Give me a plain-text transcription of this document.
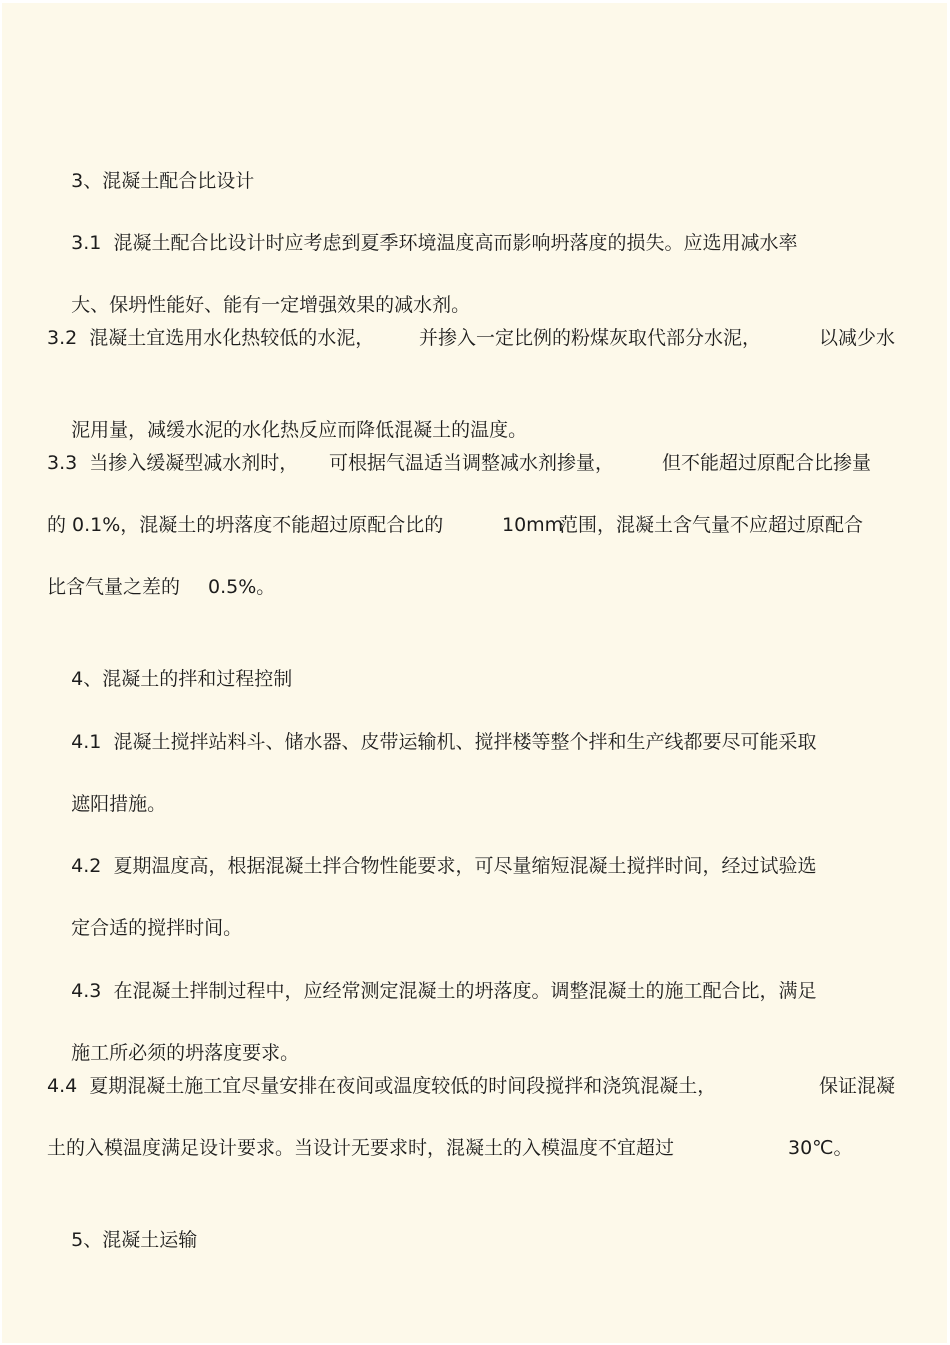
3、混凝土配合比设计

3.1  混凝土配合比设计时应考虑到夏季环境温度高而影响坍落度的损失。应选用减水率

大、保坍性能好、能有一定增强效果的减水剂。

3.2  混凝土宜选用水化热较低的水泥，

并掺入一定比例的粉煤灰取代部分水泥，

	以减少水

泥用量，减缓水泥的水化热反应而降低混凝土的温度。

3.3  当掺入缓凝型减水剂时，

可根据气温适当调整减水剂掺量，

	但不能超过原配合比掺量

的 0.1%，混凝土的坍落度不能超过原配合比的

	10mm

范围，混凝土含气量不应超过原配合

比含气量之差的

0.5%。

4、混凝土的拌和过程控制

4.1  混凝土搅拌站料斗、储水器、皮带运输机、搅拌楼等整个拌和生产线都要尽可能采取

遮阳措施。

4.2  夏期温度高，根据混凝土拌合物性能要求，可尽量缩短混凝土搅拌时间，经过试验选

定合适的搅拌时间。

4.3  在混凝土拌制过程中，应经常测定混凝土的坍落度。调整混凝土的施工配合比，满足

施工所必须的坍落度要求。

4.4  夏期混凝土施工宜尽量安排在夜间或温度较低的时间段搅拌和浇筑混凝土，

	保证混凝

土的入模温度满足设计要求。当设计无要求时，混凝土的入模温度不宜超过

	30℃。

5、混凝土运输
